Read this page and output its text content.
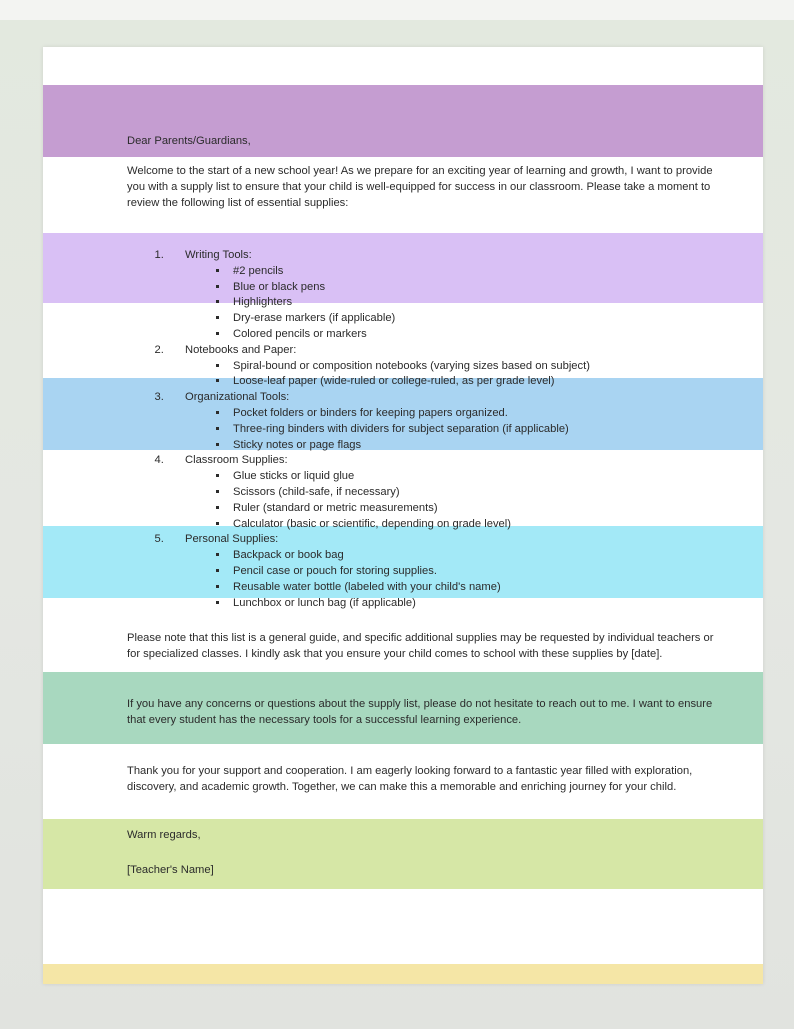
Dear Parents/Guardians,
Welcome to the start of a new school year! As we prepare for an exciting year of learning and growth, I want to provide you with a supply list to ensure that your child is well-equipped for success in our classroom. Please take a moment to review the following list of essential supplies:
1. Writing Tools:
▪ #2 pencils
▪ Blue or black pens
▪ Highlighters
▪ Dry-erase markers (if applicable)
▪ Colored pencils or markers
2. Notebooks and Paper:
▪ Spiral-bound or composition notebooks (varying sizes based on subject)
▪ Loose-leaf paper (wide-ruled or college-ruled, as per grade level)
3. Organizational Tools:
▪ Pocket folders or binders for keeping papers organized.
▪ Three-ring binders with dividers for subject separation (if applicable)
▪ Sticky notes or page flags
4. Classroom Supplies:
▪ Glue sticks or liquid glue
▪ Scissors (child-safe, if necessary)
▪ Ruler (standard or metric measurements)
▪ Calculator (basic or scientific, depending on grade level)
5. Personal Supplies:
▪ Backpack or book bag
▪ Pencil case or pouch for storing supplies.
▪ Reusable water bottle (labeled with your child's name)
▪ Lunchbox or lunch bag (if applicable)
Please note that this list is a general guide, and specific additional supplies may be requested by individual teachers or for specialized classes. I kindly ask that you ensure your child comes to school with these supplies by [date].
If you have any concerns or questions about the supply list, please do not hesitate to reach out to me. I want to ensure that every student has the necessary tools for a successful learning experience.
Thank you for your support and cooperation. I am eagerly looking forward to a fantastic year filled with exploration, discovery, and academic growth. Together, we can make this a memorable and enriching journey for your child.
Warm regards,
[Teacher's Name]
